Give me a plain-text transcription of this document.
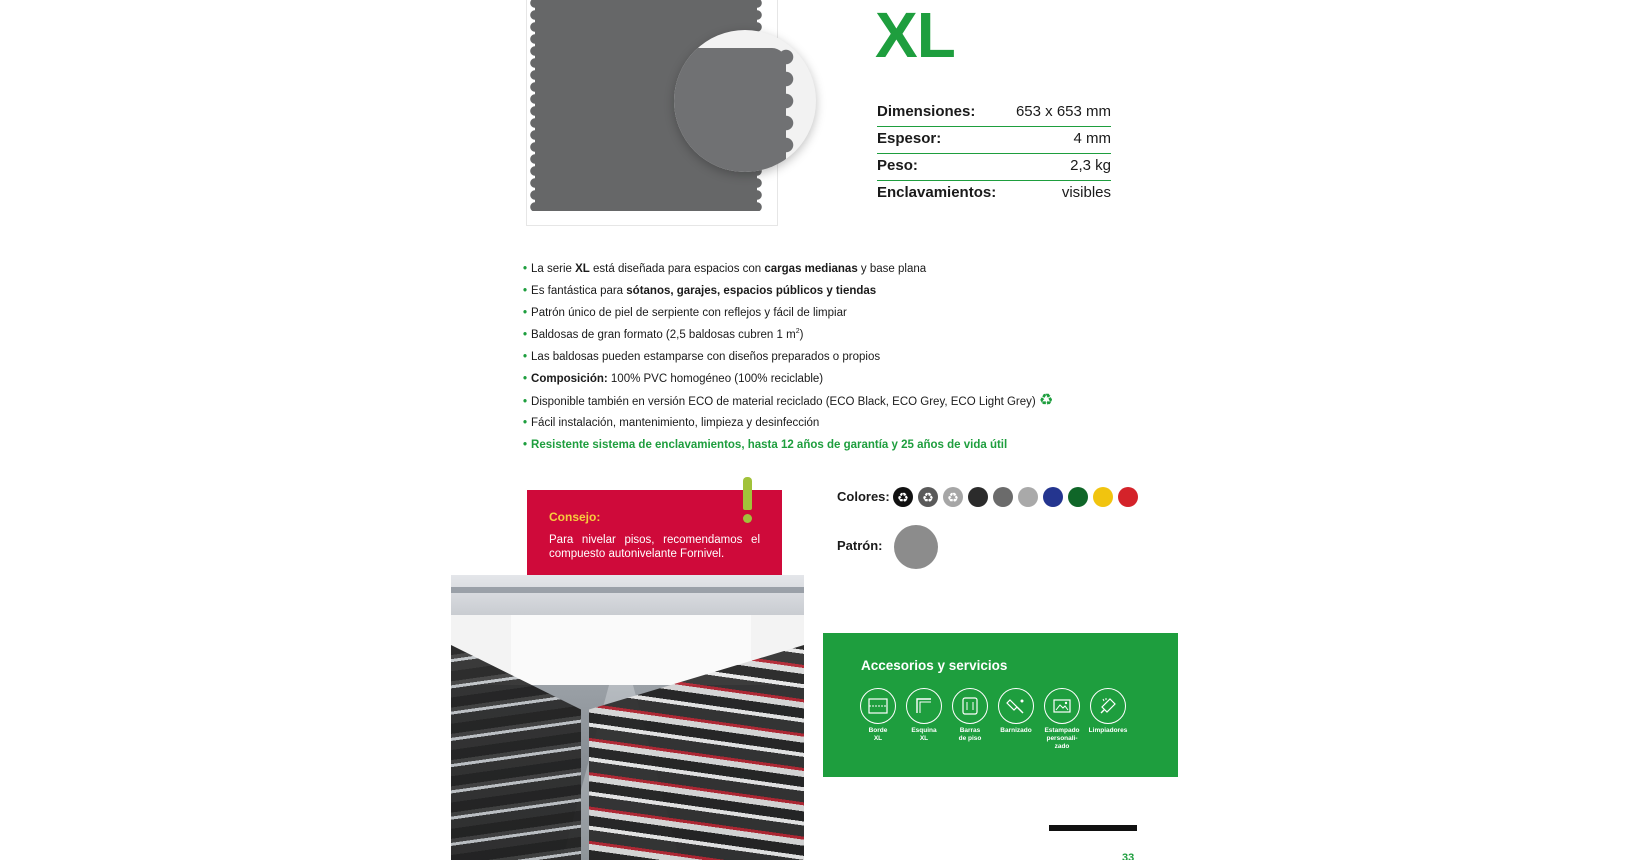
XL
Dimensiones:	653 x 653 mm
Espesor:	4 mm
Peso:	2,3 kg
Enclavamientos:	visibles
• La serie XL está diseñada para espacios con cargas medianas y base plana
• Es fantástica para sótanos, garajes, espacios públicos y tiendas
• Patrón único de piel de serpiente con reflejos y fácil de limpiar
• Baldosas de gran formato (2,5 baldosas cubren 1 $m^2$)
• Las baldosas pueden estamparse con diseños preparados o propios
• Composición: 100% PVC homogéneo (100% reciclable)
• Disponible también en versión ECO de material reciclado (ECO Black, ECO Grey, ECO Light Grey) ♻
• Fácil instalación, mantenimiento, limpieza y desinfección
• Resistente sistema de enclavamientos, hasta 12 años de garantía y 25 años de vida útil
Consejo:
Para nivelar pisos, recomendamos el compuesto autonivelante Fornivel.
Colores: ♻ ♻ ♻
Patrón:
Accesorios y servicios
Borde
XL
Esquina
XL
Barras
de piso
Barnizado	Estampado
personali-
zado
Limpiadores
33
